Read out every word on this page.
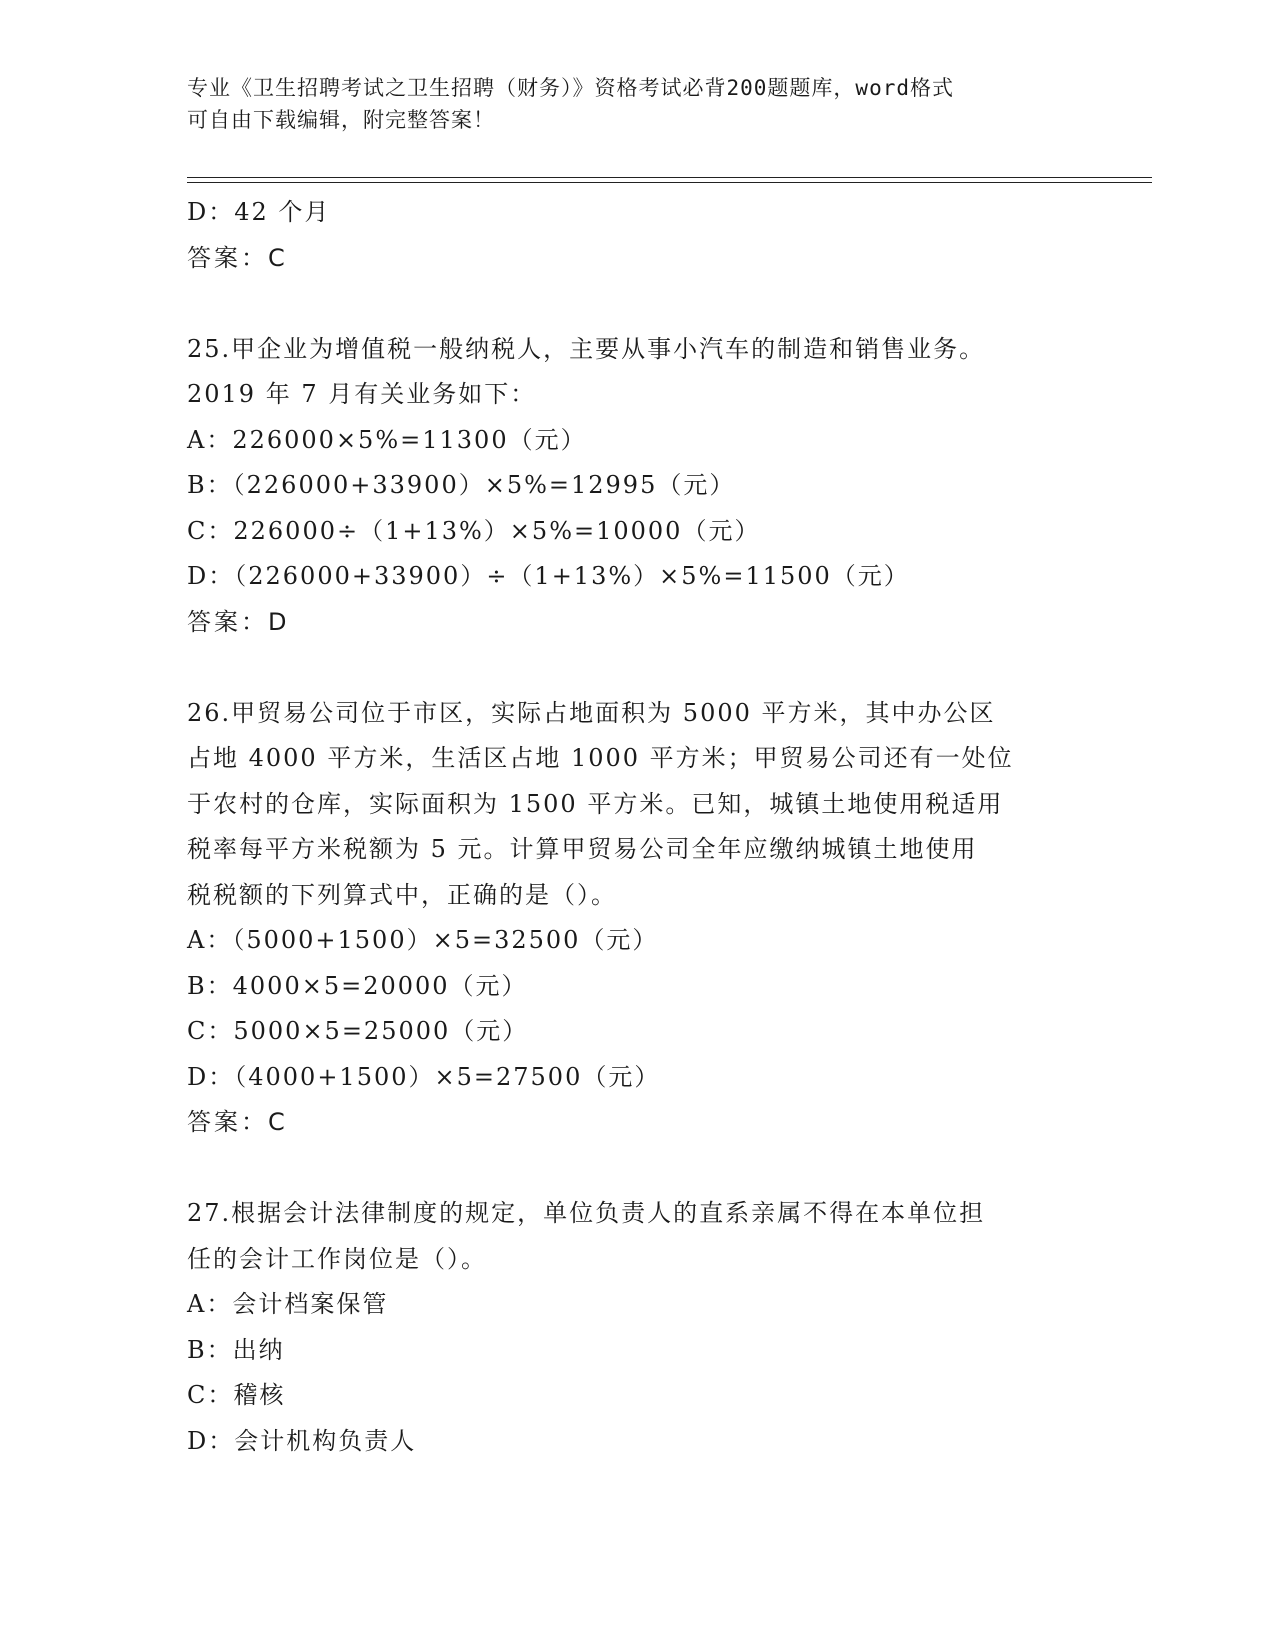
专业《卫生招聘考试之卫生招聘（财务）》资格考试必背200题题库，word格式
可自由下载编辑，附完整答案！
D：42 个月
答案：C
25.甲企业为增值税一般纳税人，主要从事小汽车的制造和销售业务。
2019 年 7 月有关业务如下：
A：226000×5%=11300（元）
B：（226000+33900）×5%=12995（元）
C：226000÷（1+13%）×5%=10000（元）
D：（226000+33900）÷（1+13%）×5%=11500（元）
答案：D
26.甲贸易公司位于市区，实际占地面积为 5000 平方米，其中办公区
占地 4000 平方米，生活区占地 1000 平方米；甲贸易公司还有一处位
于农村的仓库，实际面积为 1500 平方米。已知，城镇土地使用税适用
税率每平方米税额为 5 元。计算甲贸易公司全年应缴纳城镇土地使用
税税额的下列算式中，正确的是（）。
A：（5000+1500）×5=32500（元）
B：4000×5=20000（元）
C：5000×5=25000（元）
D：（4000+1500）×5=27500（元）
答案：C
27.根据会计法律制度的规定，单位负责人的直系亲属不得在本单位担
任的会计工作岗位是（）。
A：会计档案保管
B：出纳
C：稽核
D：会计机构负责人
